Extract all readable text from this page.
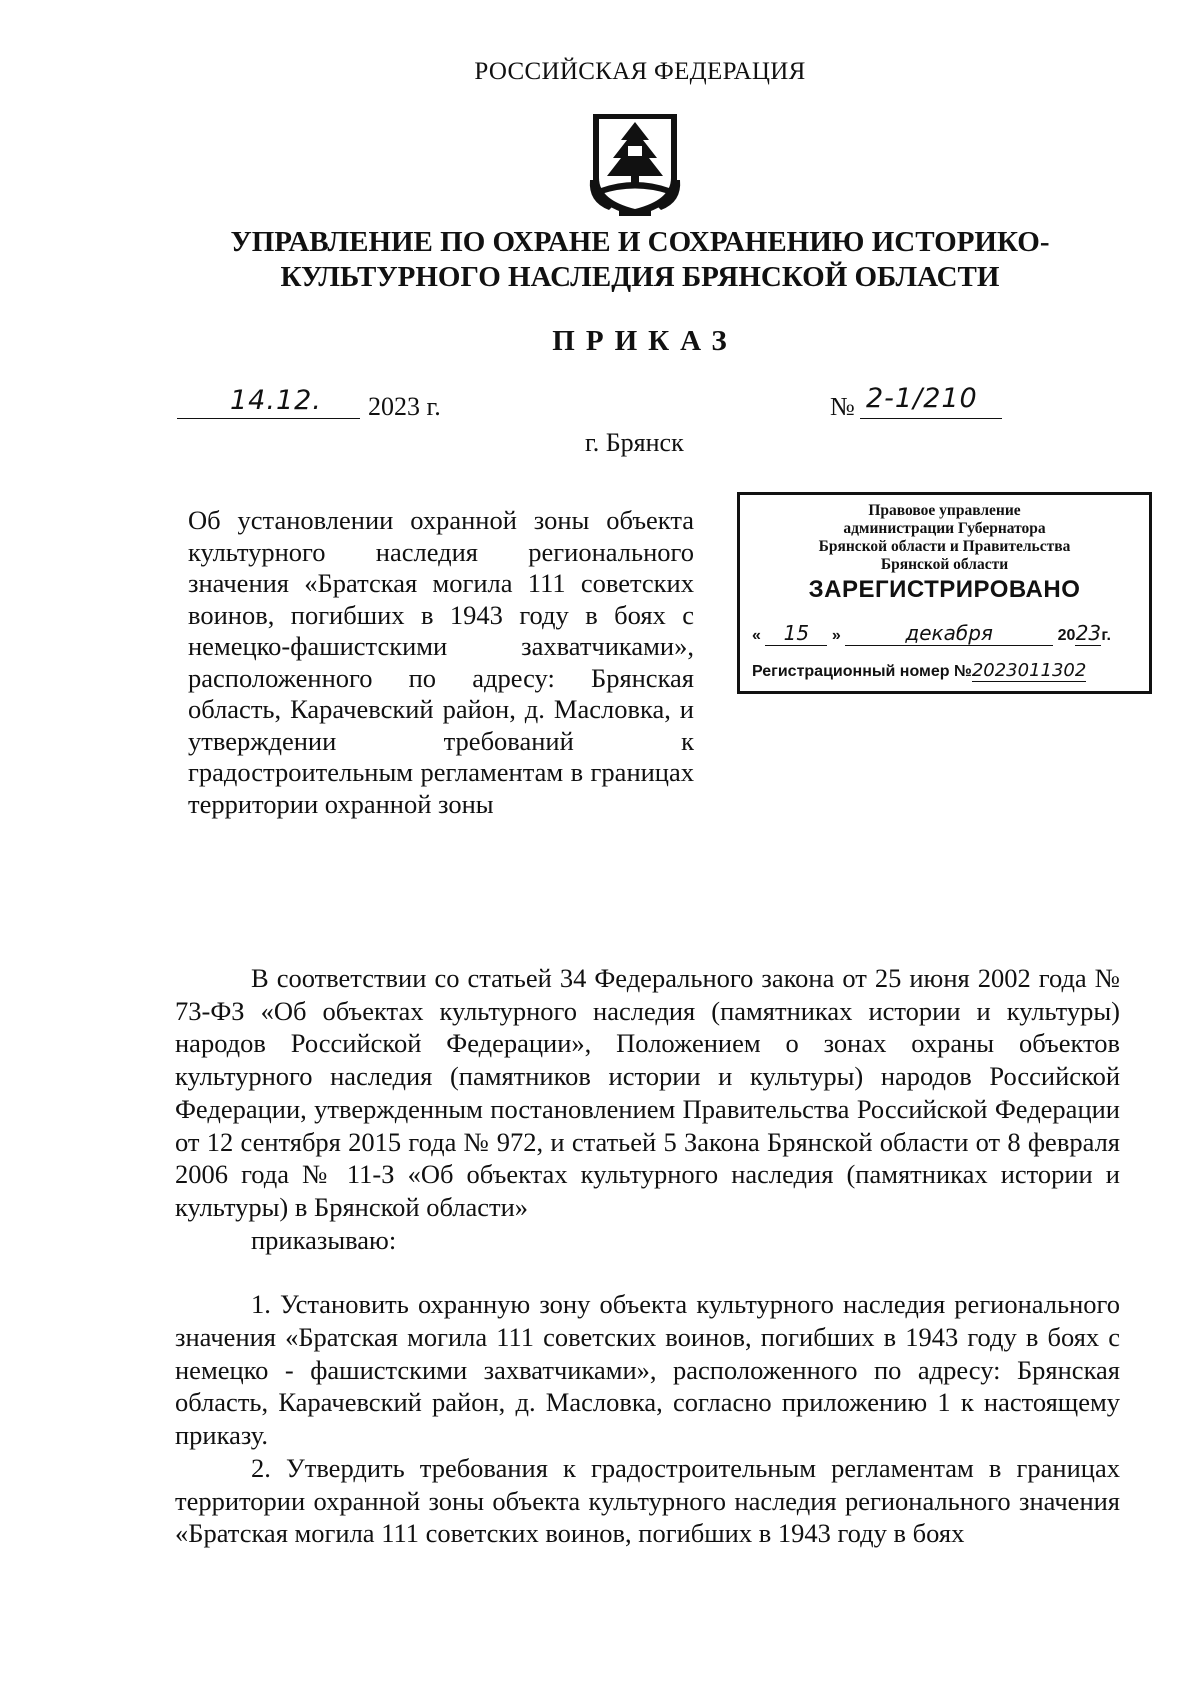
РОССИЙСКАЯ ФЕДЕРАЦИЯ
УПРАВЛЕНИЕ ПО ОХРАНЕ И СОХРАНЕНИЮ ИСТОРИКО-
КУЛЬТУРНОГО НАСЛЕДИЯ БРЯНСКОЙ ОБЛАСТИ
ПРИКАЗ
14.12. 2023 г.	№ 2-1/210
г. Брянск
Об установлении охранной зоны объекта культурного наследия регионального значения «Братская могила 111 советских воинов, погибших в 1943 году в боях с немецко-фашистскими захватчиками», расположенного по адресу: Брянская область, Карачевский район, д. Масловка, и утверждении требований к градостроительным регламентам в границах территории охранной зоны
Правовое управление
администрации Губернатора
Брянской области и Правительства
Брянской области
ЗАРЕГИСТРИРОВАНО
« 15 »	декабря	2023г.
Регистрационный номер №2023011302

В соответствии со статьей 34 Федерального закона от 25 июня 2002 года № 73-ФЗ «Об объектах культурного наследия (памятниках истории и культуры) народов Российской Федерации», Положением о зонах охраны объектов культурного наследия (памятников истории и культуры) народов Российской Федерации, утвержденным постановлением Правительства Российской Федерации от 12 сентября 2015 года № 972, и статьей 5 Закона Брянской области от 8 февраля 2006 года № 11-З «Об объектах культурного наследия (памятниках истории и культуры) в Брянской области»

приказываю:

1. Установить охранную зону объекта культурного наследия регионального значения «Братская могила 111 советских воинов, погибших в 1943 году в боях с немецко - фашистскими захватчиками», расположенного по адресу: Брянская область, Карачевский район, д. Масловка, согласно приложению 1 к настоящему приказу.

2. Утвердить требования к градостроительным регламентам в границах территории охранной зоны объекта культурного наследия регионального значения «Братская могила 111 советских воинов, погибших в 1943 году в боях
